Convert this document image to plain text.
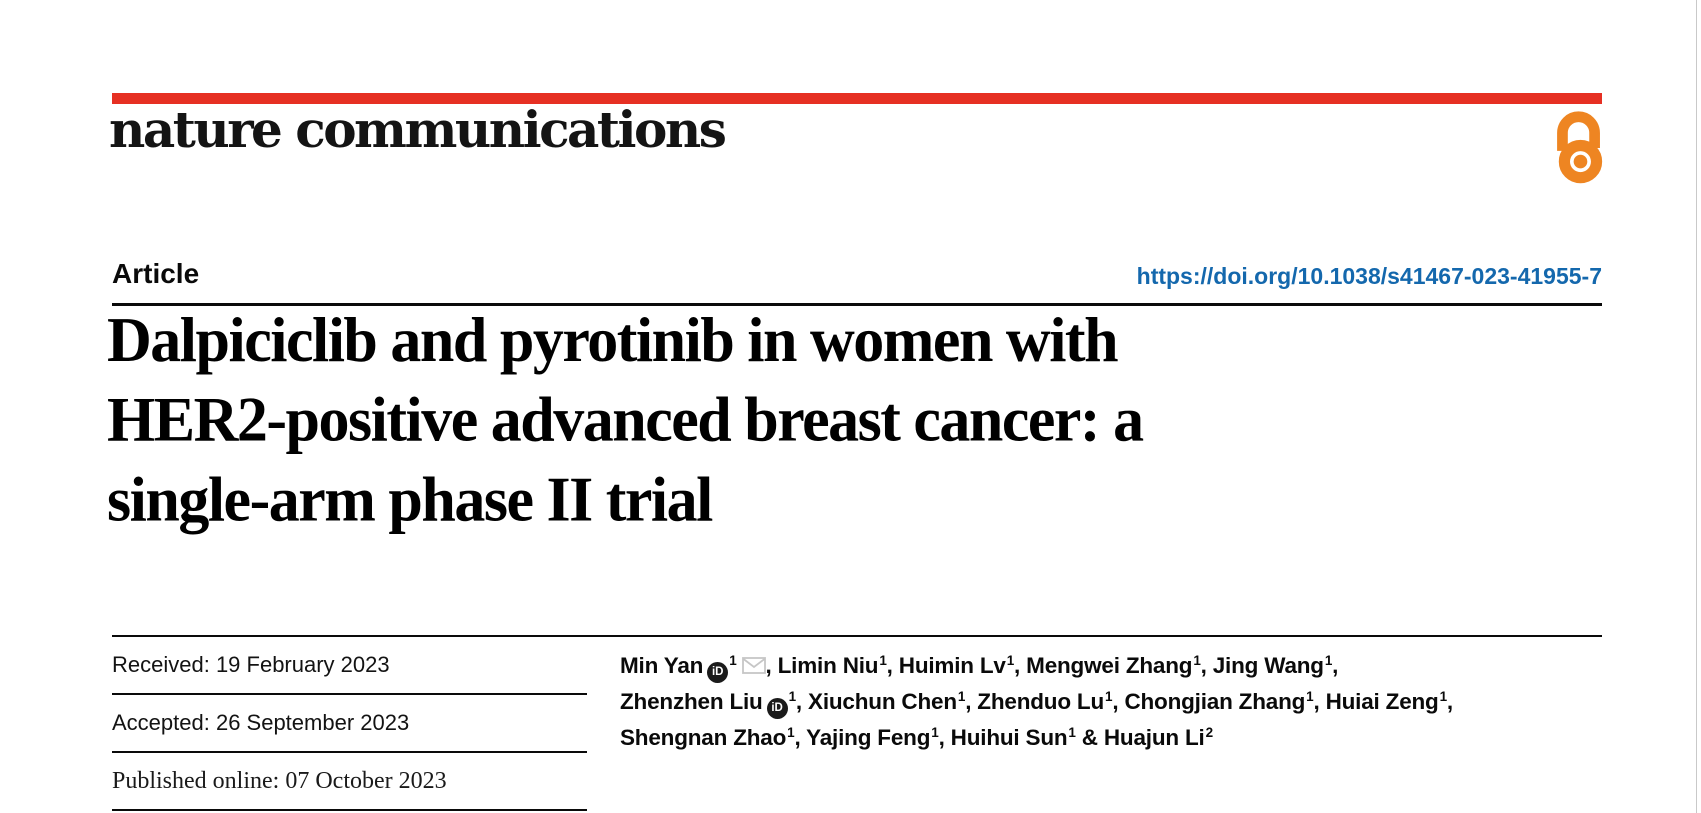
nature communications
Article	https://doi.org/10.1038/s41467-023-41955-7
Dalpiciclib and pyrotinib in women with
HER2-positive advanced breast cancer: a
single-arm phase II trial
Received: 19 February 2023
Accepted: 26 September 2023
Published online: 07 October 2023
Min Yan $iD^1$ , Limin Niu$^1$, Huimin Lv$^1$, Mengwei Zhang$^1$, Jing Wang$^1$,
Zhenzhen Liu $iD^1$, Xiuchun Chen$^1$, Zhenduo Lu$^1$, Chongjian Zhang$^1$, Huiai Zeng$^1$,
Shengnan Zhao$^1$, Yajing Feng$^1$, Huihui Sun$^1$ & Huajun Li$^2$
